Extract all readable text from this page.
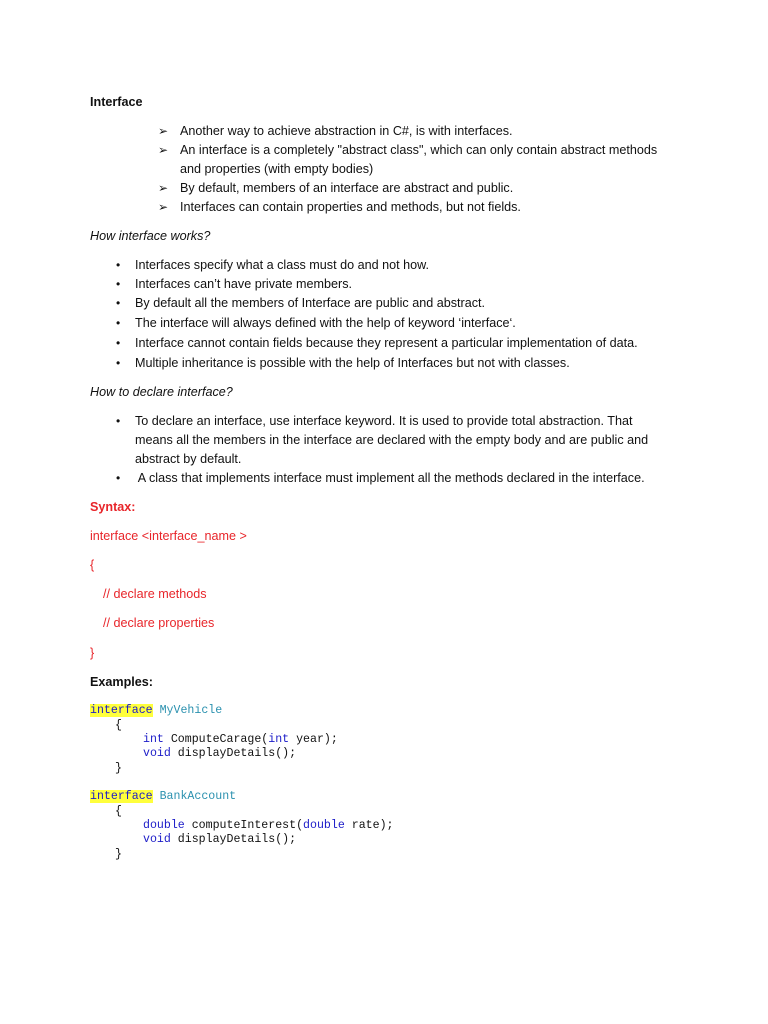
Interface
➢ Another way to achieve abstraction in C#, is with interfaces.
➢ An interface is a completely "abstract class", which can only contain abstract methods
and properties (with empty bodies)
➢ By default, members of an interface are abstract and public.
➢ Interfaces can contain properties and methods, but not fields.
How interface works?
• Interfaces specify what a class must do and not how.
• Interfaces can’t have private members.
• By default all the members of Interface are public and abstract.
• The interface will always defined with the help of keyword ‘interface‘.
• Interface cannot contain fields because they represent a particular implementation of data.
• Multiple inheritance is possible with the help of Interfaces but not with classes.
How to declare interface?
• To declare an interface, use interface keyword. It is used to provide total abstraction. That
means all the members in the interface are declared with the empty body and are public and
abstract by default.
• A class that implements interface must implement all the methods declared in the interface.
Syntax:
interface <interface_name >
{
// declare methods
// declare properties
}
Examples:
interface MyVehicle
{
int ComputeCarage(int year);
void displayDetails();
}
interface BankAccount
{
double computeInterest(double rate);
void displayDetails();
}
